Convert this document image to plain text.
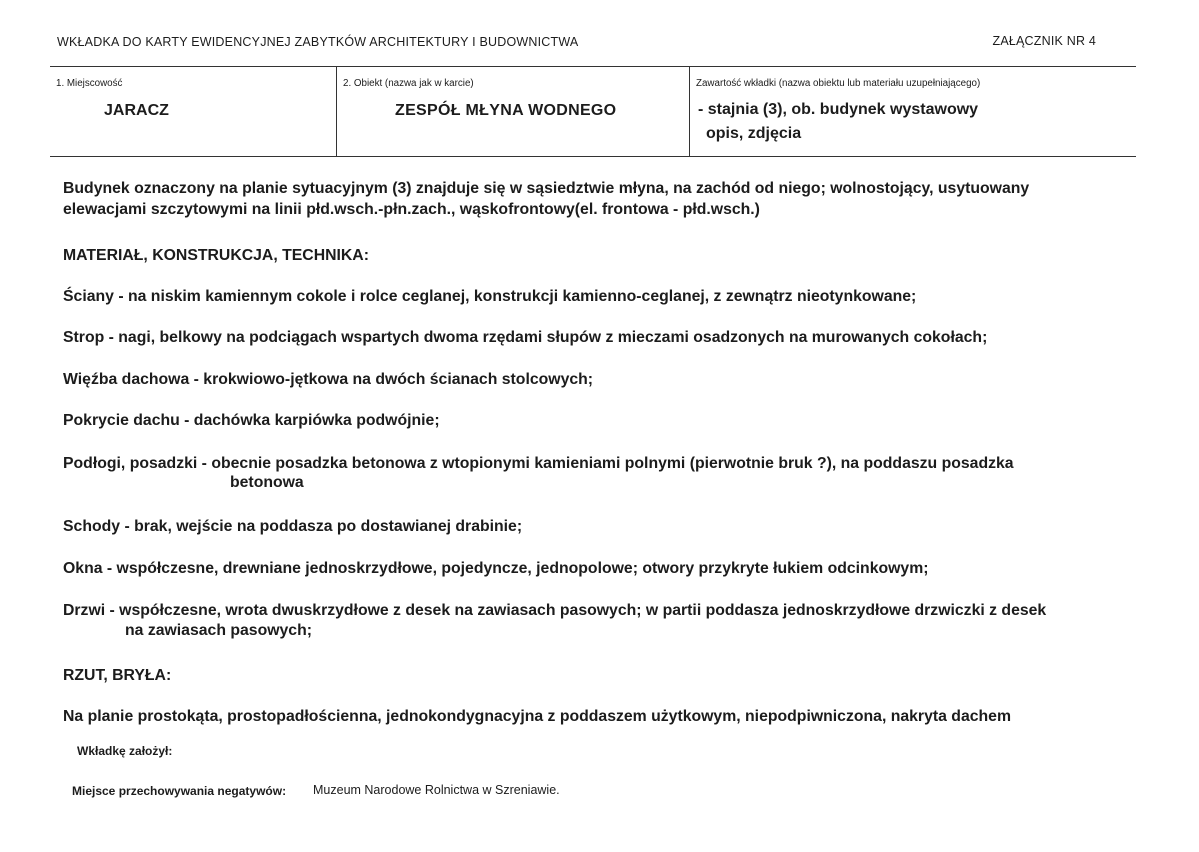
WKŁADKA DO KARTY EWIDENCYJNEJ ZABYTKÓW ARCHITEKTURY I BUDOWNICTWA	ZAŁĄCZNIK NR 4
1. Miejscowość
JARACZ
2. Obiekt (nazwa jak w karcie)
ZESPÓŁ MŁYNA WODNEGO
Zawartość wkładki (nazwa obiektu lub materiału uzupełniającego)
- stajnia (3), ob. budynek wystawowy
opis, zdjęcia
Budynek oznaczony na planie sytuacyjnym (3) znajduje się w sąsiedztwie młyna, na zachód od niego; wolnostojący, usytuowany
elewacjami szczytowymi na linii płd.wsch.-płn.zach., wąskofrontowy(el. frontowa - płd.wsch.)
MATERIAŁ, KONSTRUKCJA, TECHNIKA:
Ściany - na niskim kamiennym cokole i rolce ceglanej, konstrukcji kamienno-ceglanej, z zewnątrz nieotynkowane;
Strop - nagi, belkowy na podciągach wspartych dwoma rzędami słupów z mieczami osadzonych na murowanych cokołach;
Więźba dachowa - krokwiowo-jętkowa na dwóch ścianach stolcowych;
Pokrycie dachu - dachówka karpiówka podwójnie;
Podłogi, posadzki - obecnie posadzka betonowa z wtopionymi kamieniami polnymi (pierwotnie bruk ?), na poddaszu posadzka
betonowa
Schody - brak, wejście na poddasza po dostawianej drabinie;
Okna - współczesne, drewniane jednoskrzydłowe, pojedyncze, jednopolowe; otwory przykryte łukiem odcinkowym;
Drzwi - współczesne, wrota dwuskrzydłowe z desek na zawiasach pasowych; w partii poddasza jednoskrzydłowe drzwiczki z desek
na zawiasach pasowych;
RZUT, BRYŁA:
Na planie prostokąta, prostopadłościenna, jednokondygnacyjna z poddaszem użytkowym, niepodpiwniczona, nakryta dachem
Wkładkę założył:
Miejsce przechowywania negatywów: Muzeum Narodowe Rolnictwa w Szreniawie.
